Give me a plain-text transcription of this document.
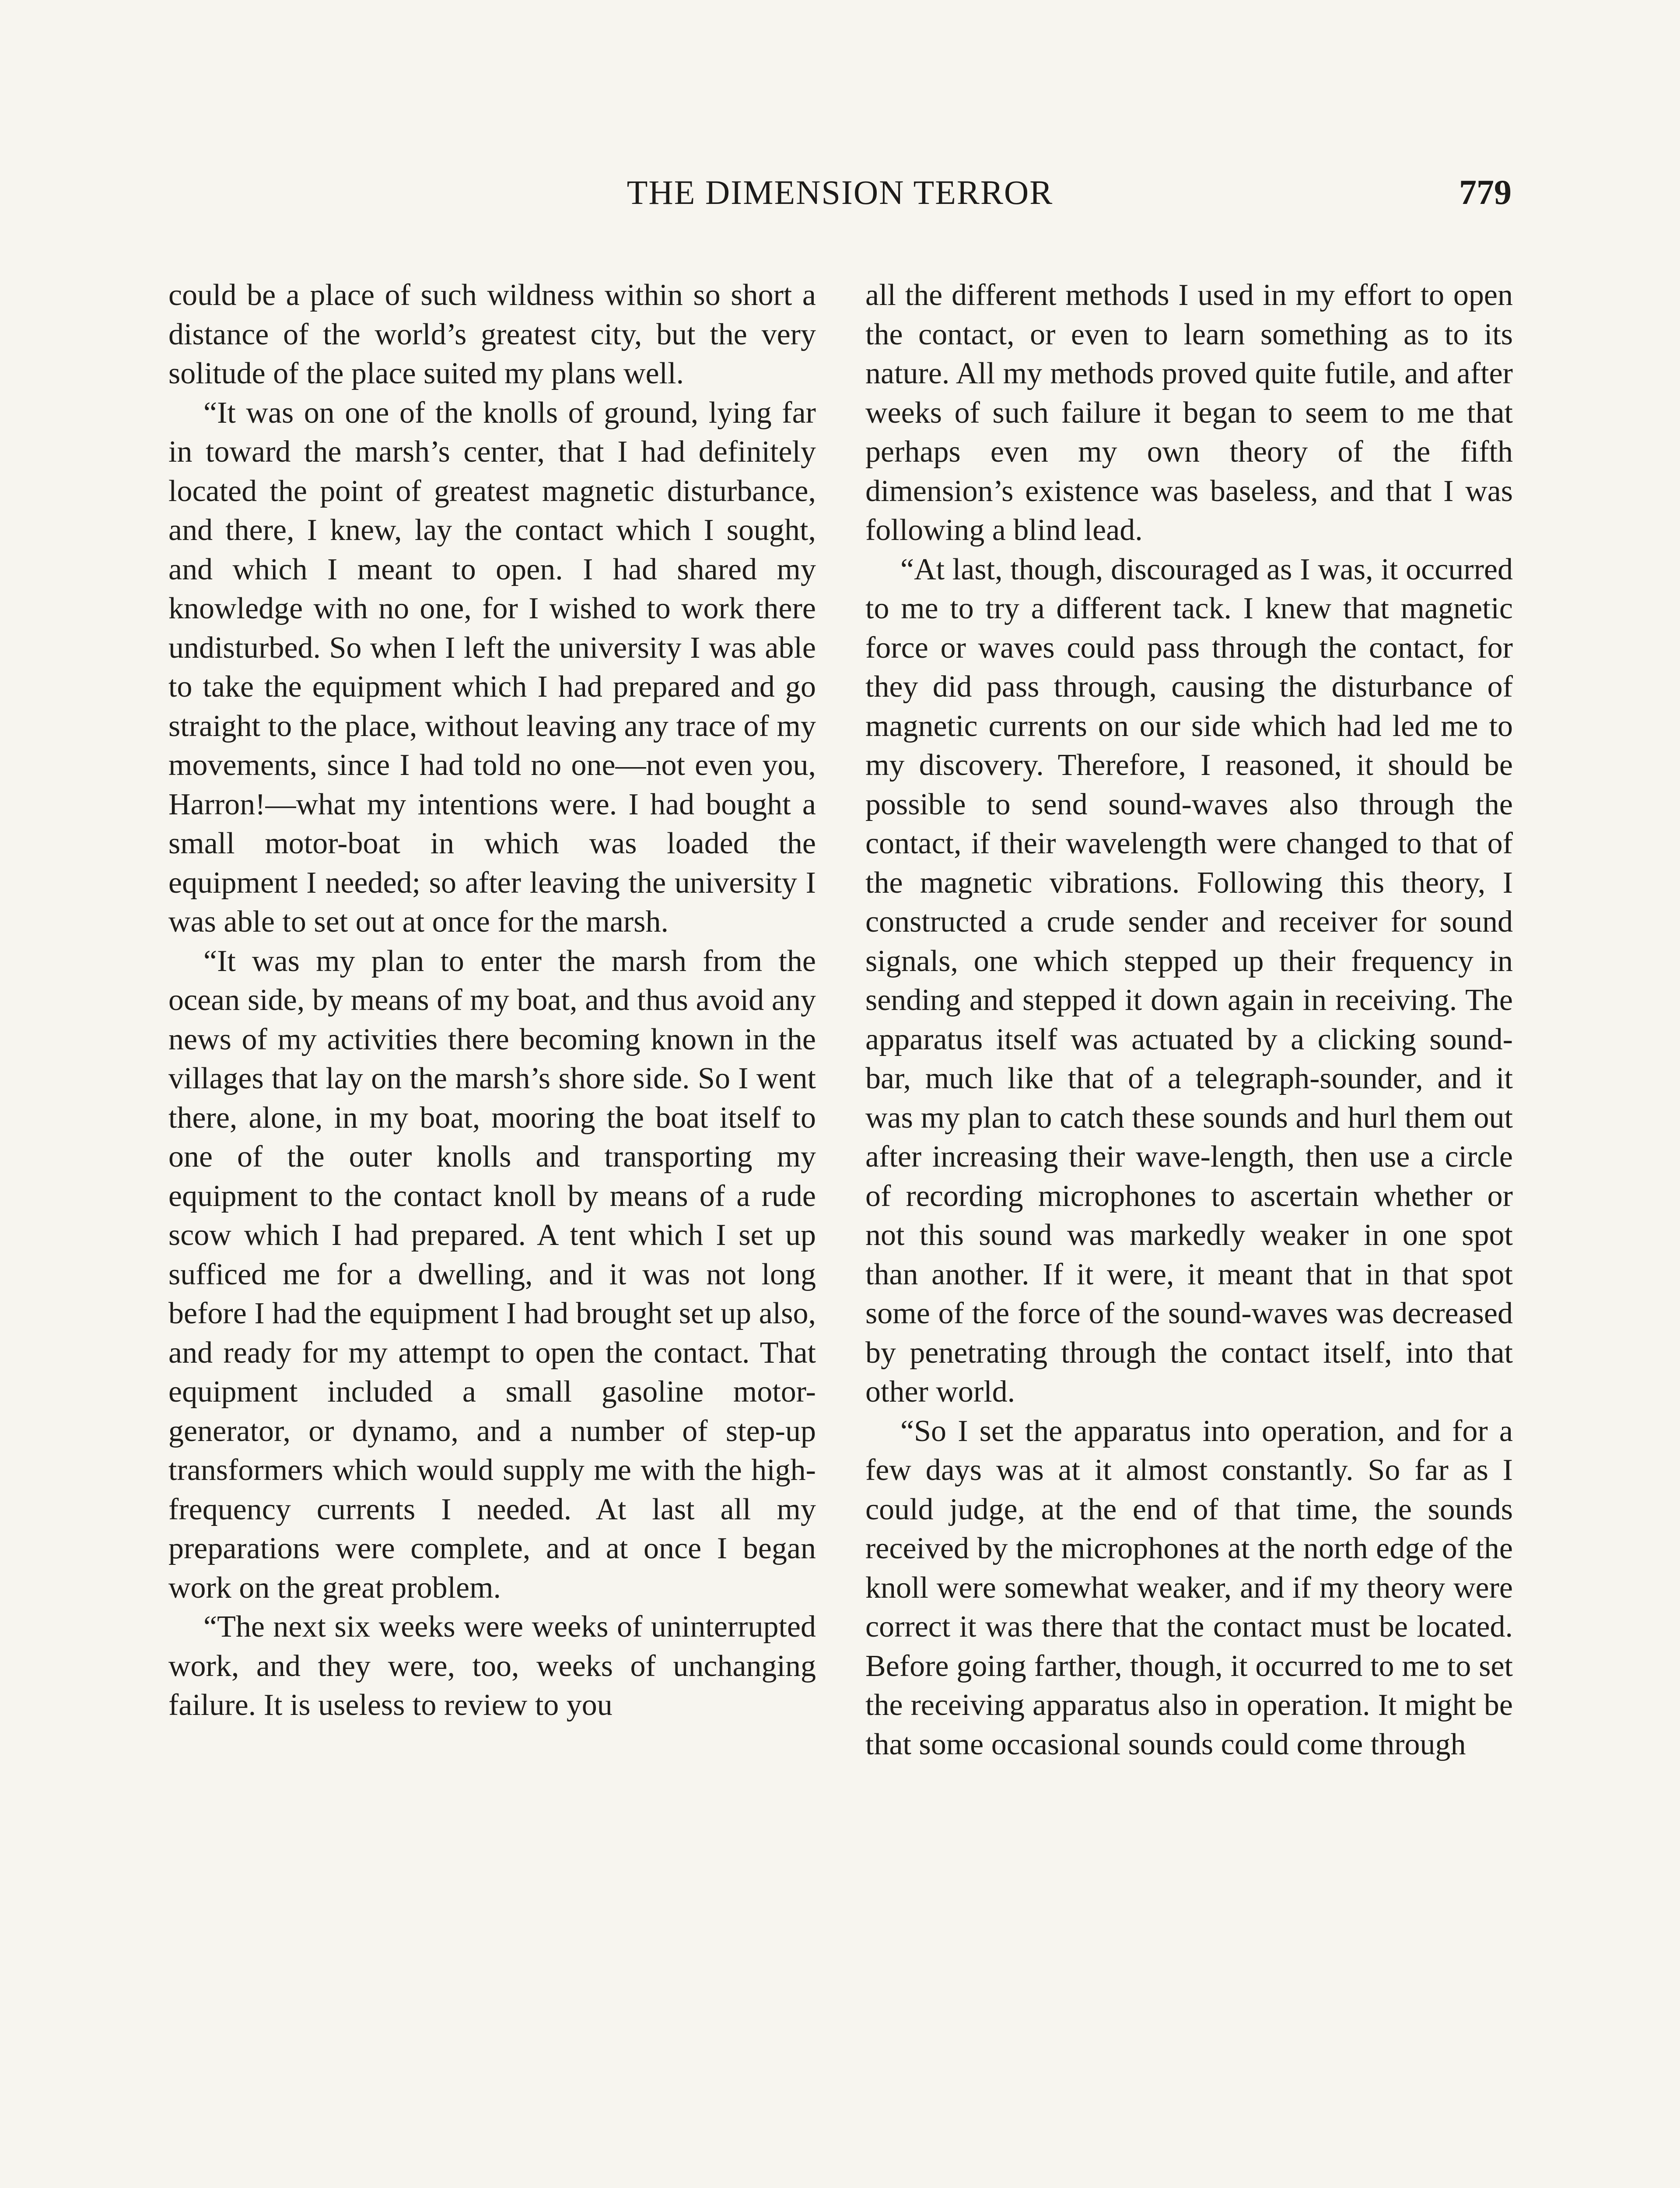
THE DIMENSION TERROR	779

could be a place of such wildness within so short a distance of the world’s greatest city, but the very solitude of the place suited my plans well.

“It was on one of the knolls of ground, lying far in toward the marsh’s center, that I had definitely located the point of greatest magnetic disturbance, and there, I knew, lay the contact which I sought, and which I meant to open. I had shared my knowledge with no one, for I wished to work there undisturbed. So when I left the university I was able to take the equipment which I had prepared and go straight to the place, without leaving any trace of my movements, since I had told no one—not even you, Harron!—what my intentions were. I had bought a small motor-boat in which was loaded the equipment I needed; so after leaving the university I was able to set out at once for the marsh.

“It was my plan to enter the marsh from the ocean side, by means of my boat, and thus avoid any news of my activities there becoming known in the villages that lay on the marsh’s shore side. So I went there, alone, in my boat, mooring the boat itself to one of the outer knolls and transporting my equipment to the contact knoll by means of a rude scow which I had prepared. A tent which I set up sufficed me for a dwelling, and it was not long before I had the equipment I had brought set up also, and ready for my attempt to open the contact. That equipment included a small gasoline motor-generator, or dynamo, and a number of step-up transformers which would supply me with the high-frequency currents I needed. At last all my preparations were complete, and at once I began work on the great problem.

“The next six weeks were weeks of uninterrupted work, and they were, too, weeks of unchanging failure. It is useless to review to you

all the different methods I used in my effort to open the contact, or even to learn something as to its nature. All my methods proved quite futile, and after weeks of such failure it began to seem to me that perhaps even my own theory of the fifth dimension’s existence was baseless, and that I was following a blind lead.

“At last, though, discouraged as I was, it occurred to me to try a different tack. I knew that magnetic force or waves could pass through the contact, for they did pass through, causing the disturbance of magnetic currents on our side which had led me to my discovery. Therefore, I reasoned, it should be possible to send sound-waves also through the contact, if their wavelength were changed to that of the magnetic vibrations. Following this theory, I constructed a crude sender and receiver for sound signals, one which stepped up their frequency in sending and stepped it down again in receiving. The apparatus itself was actuated by a clicking sound-bar, much like that of a telegraph-sounder, and it was my plan to catch these sounds and hurl them out after increasing their wave-length, then use a circle of recording microphones to ascertain whether or not this sound was markedly weaker in one spot than another. If it were, it meant that in that spot some of the force of the sound-waves was decreased by penetrating through the contact itself, into that other world.

“So I set the apparatus into operation, and for a few days was at it almost constantly. So far as I could judge, at the end of that time, the sounds received by the microphones at the north edge of the knoll were somewhat weaker, and if my theory were correct it was there that the contact must be located. Before going farther, though, it occurred to me to set the receiving apparatus also in operation. It might be that some occasional sounds could come through
